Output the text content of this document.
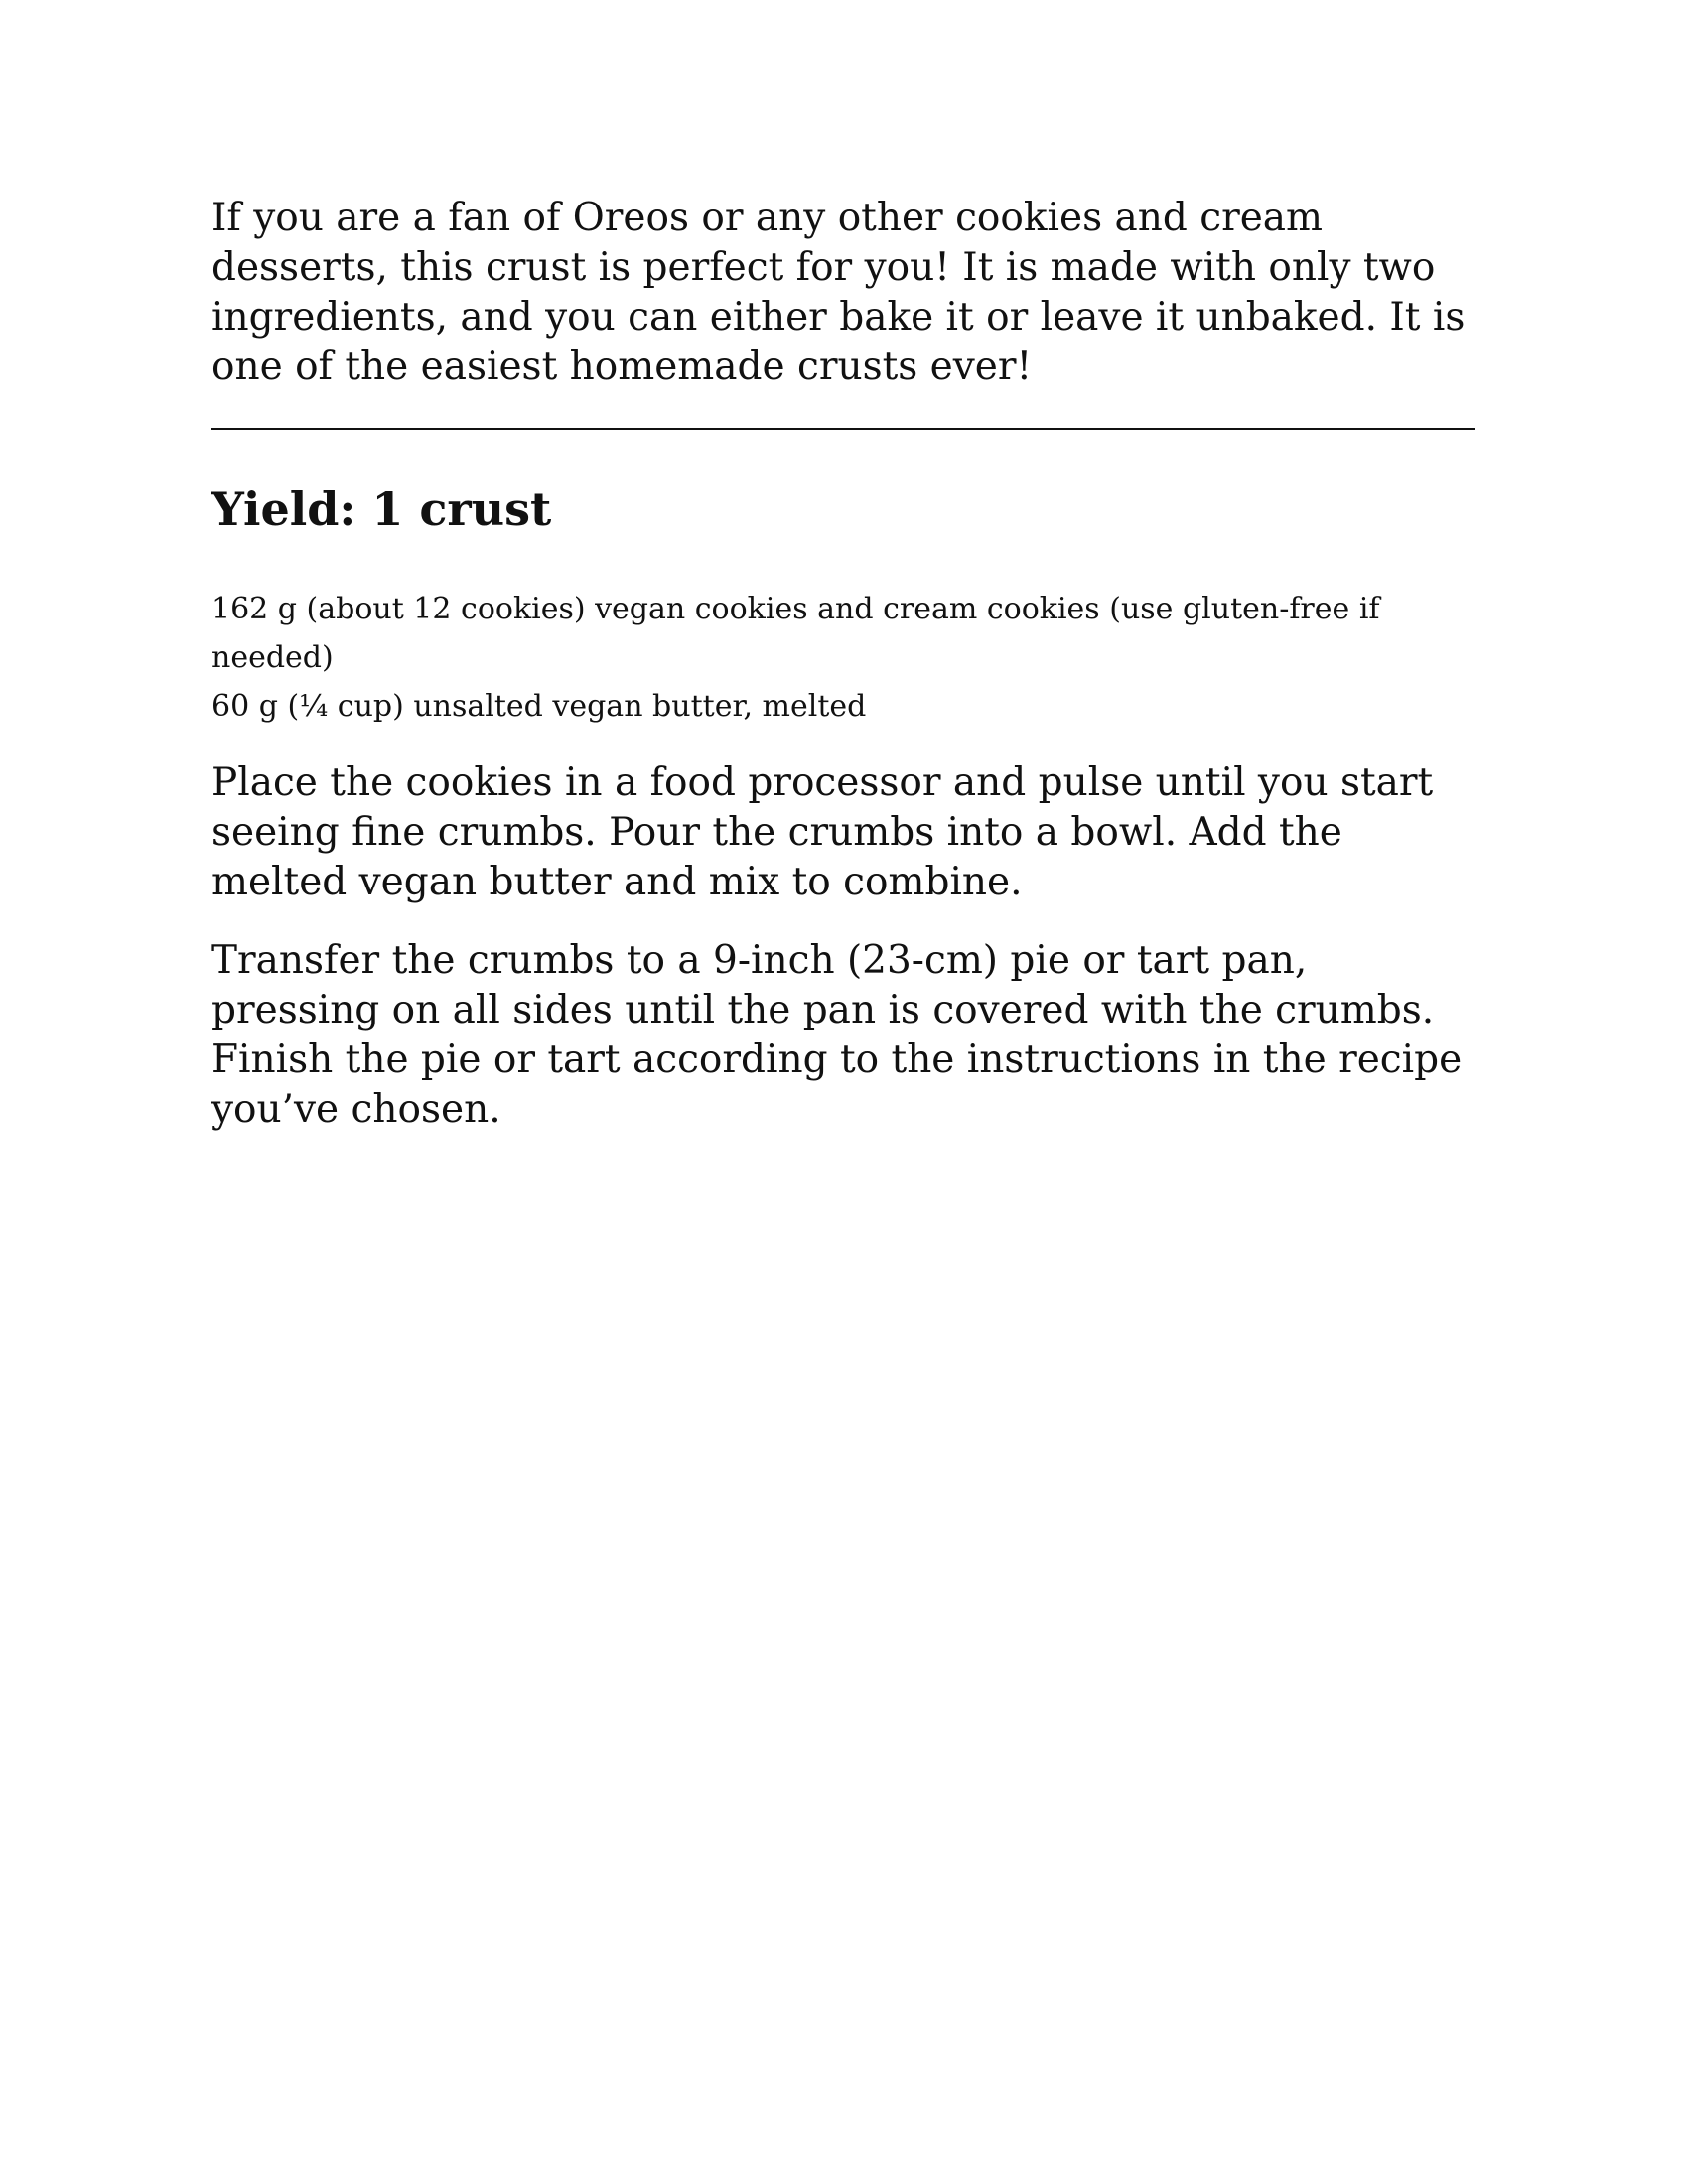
If you are a fan of Oreos or any other cookies and cream desserts, this crust is perfect for you! It is made with only two ingredients, and you can either bake it or leave it unbaked. It is one of the easiest homemade crusts ever!

Yield: 1 crust
162 g (about 12 cookies) vegan cookies and cream cookies (use gluten-free if needed)
60 g (¼ cup) unsalted vegan butter, melted

Place the cookies in a food processor and pulse until you start seeing fine crumbs. Pour the crumbs into a bowl. Add the melted vegan butter and mix to combine.

Transfer the crumbs to a 9-inch (23-cm) pie or tart pan, pressing on all sides until the pan is covered with the crumbs. Finish the pie or tart according to the instructions in the recipe you’ve chosen.
